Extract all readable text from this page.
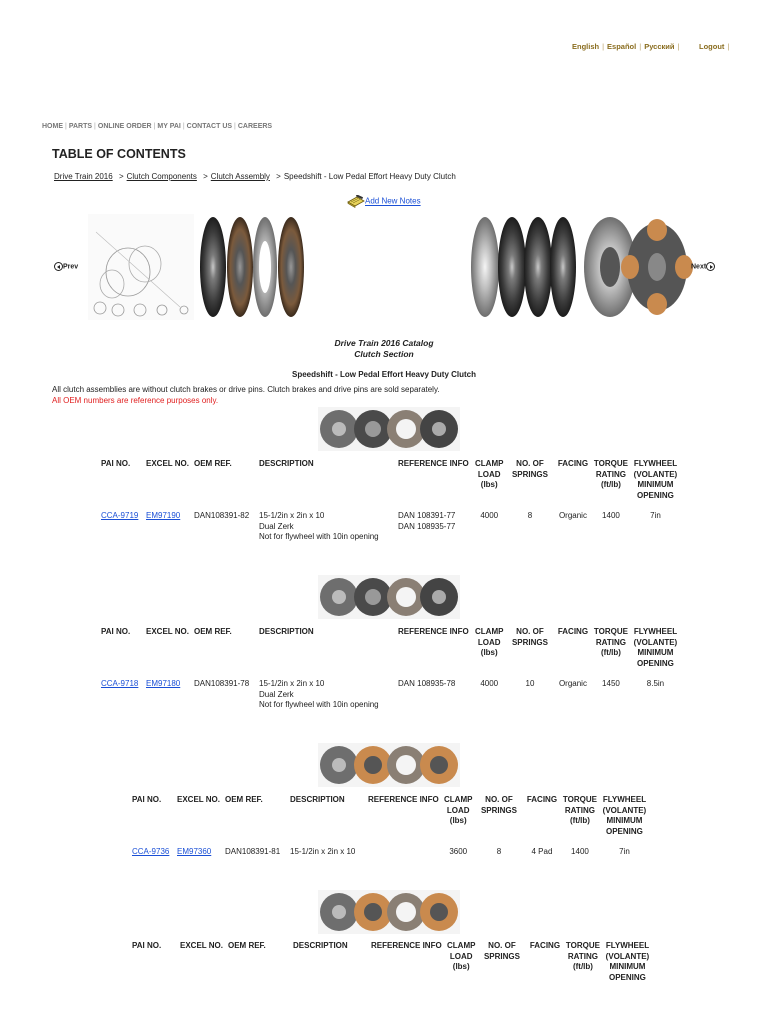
English | Español | Русский |	Logout |
HOME | PARTS | ONLINE ORDER | MY PAI | CONTACT US | CAREERS
TABLE OF CONTENTS
Drive Train 2016 > Clutch Components > Clutch Assembly > Speedshift - Low Pedal Effort Heavy Duty Clutch
Add New Notes
Prev	Next
Drive Train 2016 Catalog
Clutch Section
Speedshift - Low Pedal Effort Heavy Duty Clutch
All clutch assemblies are without clutch brakes or drive pins. Clutch brakes and drive pins are sold separately.
All OEM numbers are reference purposes only.
PAI NO.	EXCEL NO.	OEM REF.	DESCRIPTION	REFERENCE INFO	CLAMP
LOAD
(lbs)	NO. OF
SPRINGS	FACING	TORQUE
RATING
(ft/lb)	FLYWHEEL
(VOLANTE)
MINIMUM
OPENING

CCA-9719	EM97190	DAN108391-82	15-1/2in x 2in x 10
Dual Zerk
Not for flywheel with 10in opening	DAN 108391-77
DAN 108935-77	4000	8	Organic	1400	7in
PAI NO.	EXCEL NO.	OEM REF.	DESCRIPTION	REFERENCE INFO	CLAMP
LOAD
(lbs)	NO. OF
SPRINGS	FACING	TORQUE
RATING
(ft/lb)	FLYWHEEL
(VOLANTE)
MINIMUM
OPENING

CCA-9718	EM97180	DAN108391-78	15-1/2in x 2in x 10
Dual Zerk
Not for flywheel with 10in opening	DAN 108935-78	4000	10	Organic	1450	8.5in
PAI NO.	EXCEL NO.	OEM REF.	DESCRIPTION	REFERENCE INFO	CLAMP
LOAD
(lbs)	NO. OF
SPRINGS	FACING	TORQUE
RATING
(ft/lb)	FLYWHEEL
(VOLANTE)
MINIMUM
OPENING

CCA-9736	EM97360	DAN108391-81	15-1/2in x 2in x 10		3600	8	4 Pad	1400	7in
PAI NO.	EXCEL NO.	OEM REF.	DESCRIPTION	REFERENCE INFO	CLAMP
LOAD
(lbs)	NO. OF
SPRINGS	FACING	TORQUE
RATING
(ft/lb)	FLYWHEEL
(VOLANTE)
MINIMUM
OPENING
